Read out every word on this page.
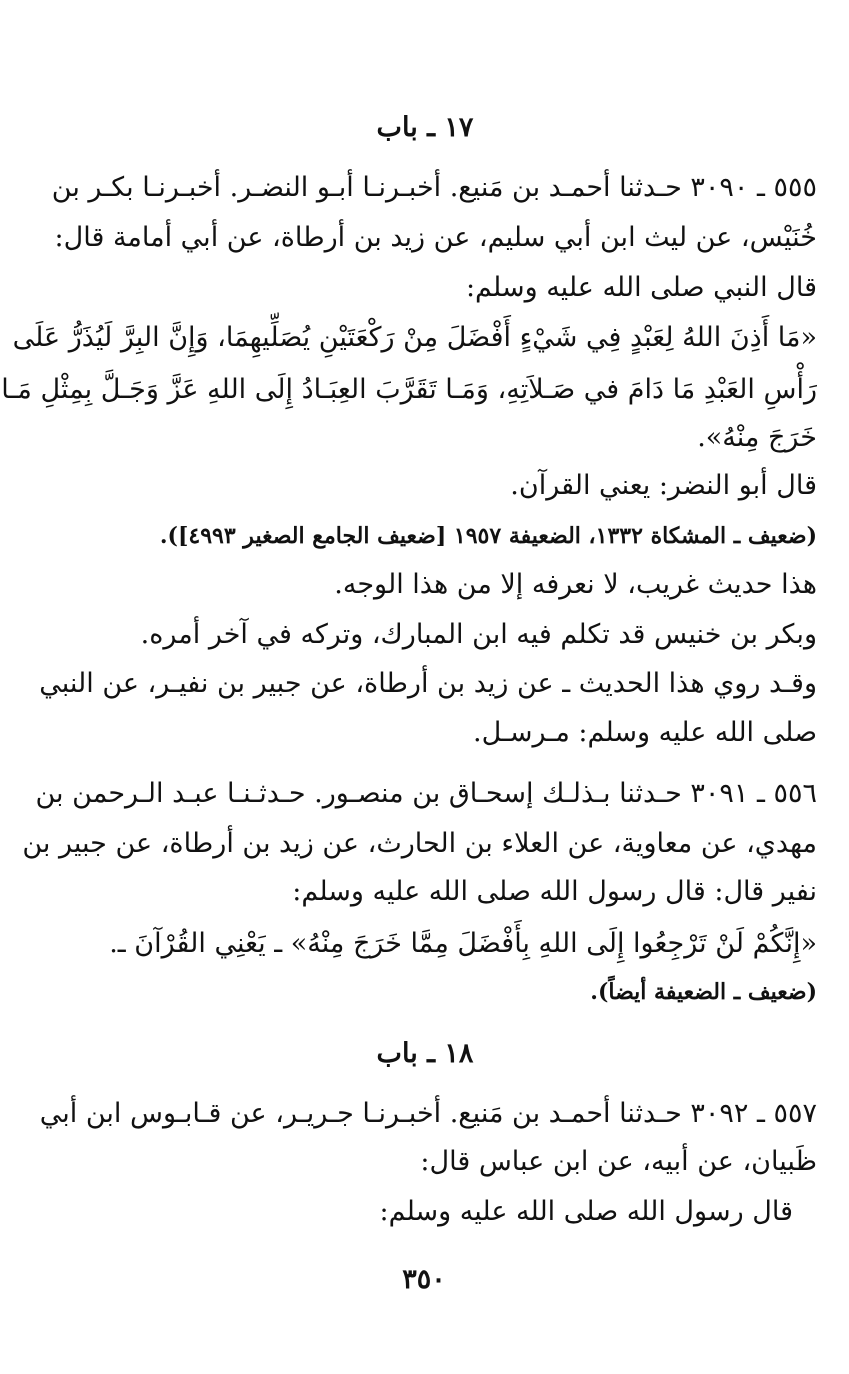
١٧ ـ باب
٥٥٥ ـ ٣٠٩٠ حـدثنا أحمـد بن مَنيع. أخبـرنـا أبـو النضـر. أخبـرنـا بكـر بن
خُنَيْس، عن ليث ابن أبي سليم، عن زيد بن أرطاة، عن أبي أمامة قال:
قال النبي صلى الله عليه وسلم:
«مَا أَذِنَ اللهُ لِعَبْدٍ فِي شَيْءٍ أَفْضَلَ مِنْ رَكْعَتَيْنِ يُصَلِّيهِمَا، وَإِنَّ البِرَّ لَيُذَرُّ عَلَى
رَأْسِ العَبْدِ مَا دَامَ في صَـلاَتِهِ، وَمَـا تَقَرَّبَ العِبَـادُ إِلَى اللهِ عَزَّ وَجَـلَّ بِمِثْلِ مَـا
خَرَجَ مِنْهُ».
قال أبو النضر: يعني القرآن.
(ضعيف ـ المشكاة ١٣٣٢، الضعيفة ١٩٥٧ [ضعيف الجامع الصغير ٤٩٩٣]).
هذا حديث غريب، لا نعرفه إلا من هذا الوجه.
وبكر بن خنيس قد تكلم فيه ابن المبارك، وتركه في آخر أمره.
وقـد روي هذا الحديث ـ عن زيد بن أرطاة، عن جبير بن نفيـر، عن النبي
صلى الله عليه وسلم: مـرسـل.
٥٥٦ ـ ٣٠٩١ حـدثنا بـذلـك إسحـاق بن منصـور. حـدثـنـا عبـد الـرحمن بن
مهدي، عن معاوية، عن العلاء بن الحارث، عن زيد بن أرطاة، عن جبير بن
نفير قال: قال رسول الله صلى الله عليه وسلم:
«إِنَّكُمْ لَنْ تَرْجِعُوا إِلَى اللهِ بِأَفْضَلَ مِمَّا خَرَجَ مِنْهُ» ـ يَعْنِي القُرْآنَ ـ.
(ضعيف ـ الضعيفة أيضاً).
١٨ ـ باب
٥٥٧ ـ ٣٠٩٢ حـدثنا أحمـد بن مَنيع. أخبـرنـا جـريـر، عن قـابـوس ابن أبي
ظَبيان، عن أبيه، عن ابن عباس قال:
قال رسول الله صلى الله عليه وسلم:
٣٥٠
